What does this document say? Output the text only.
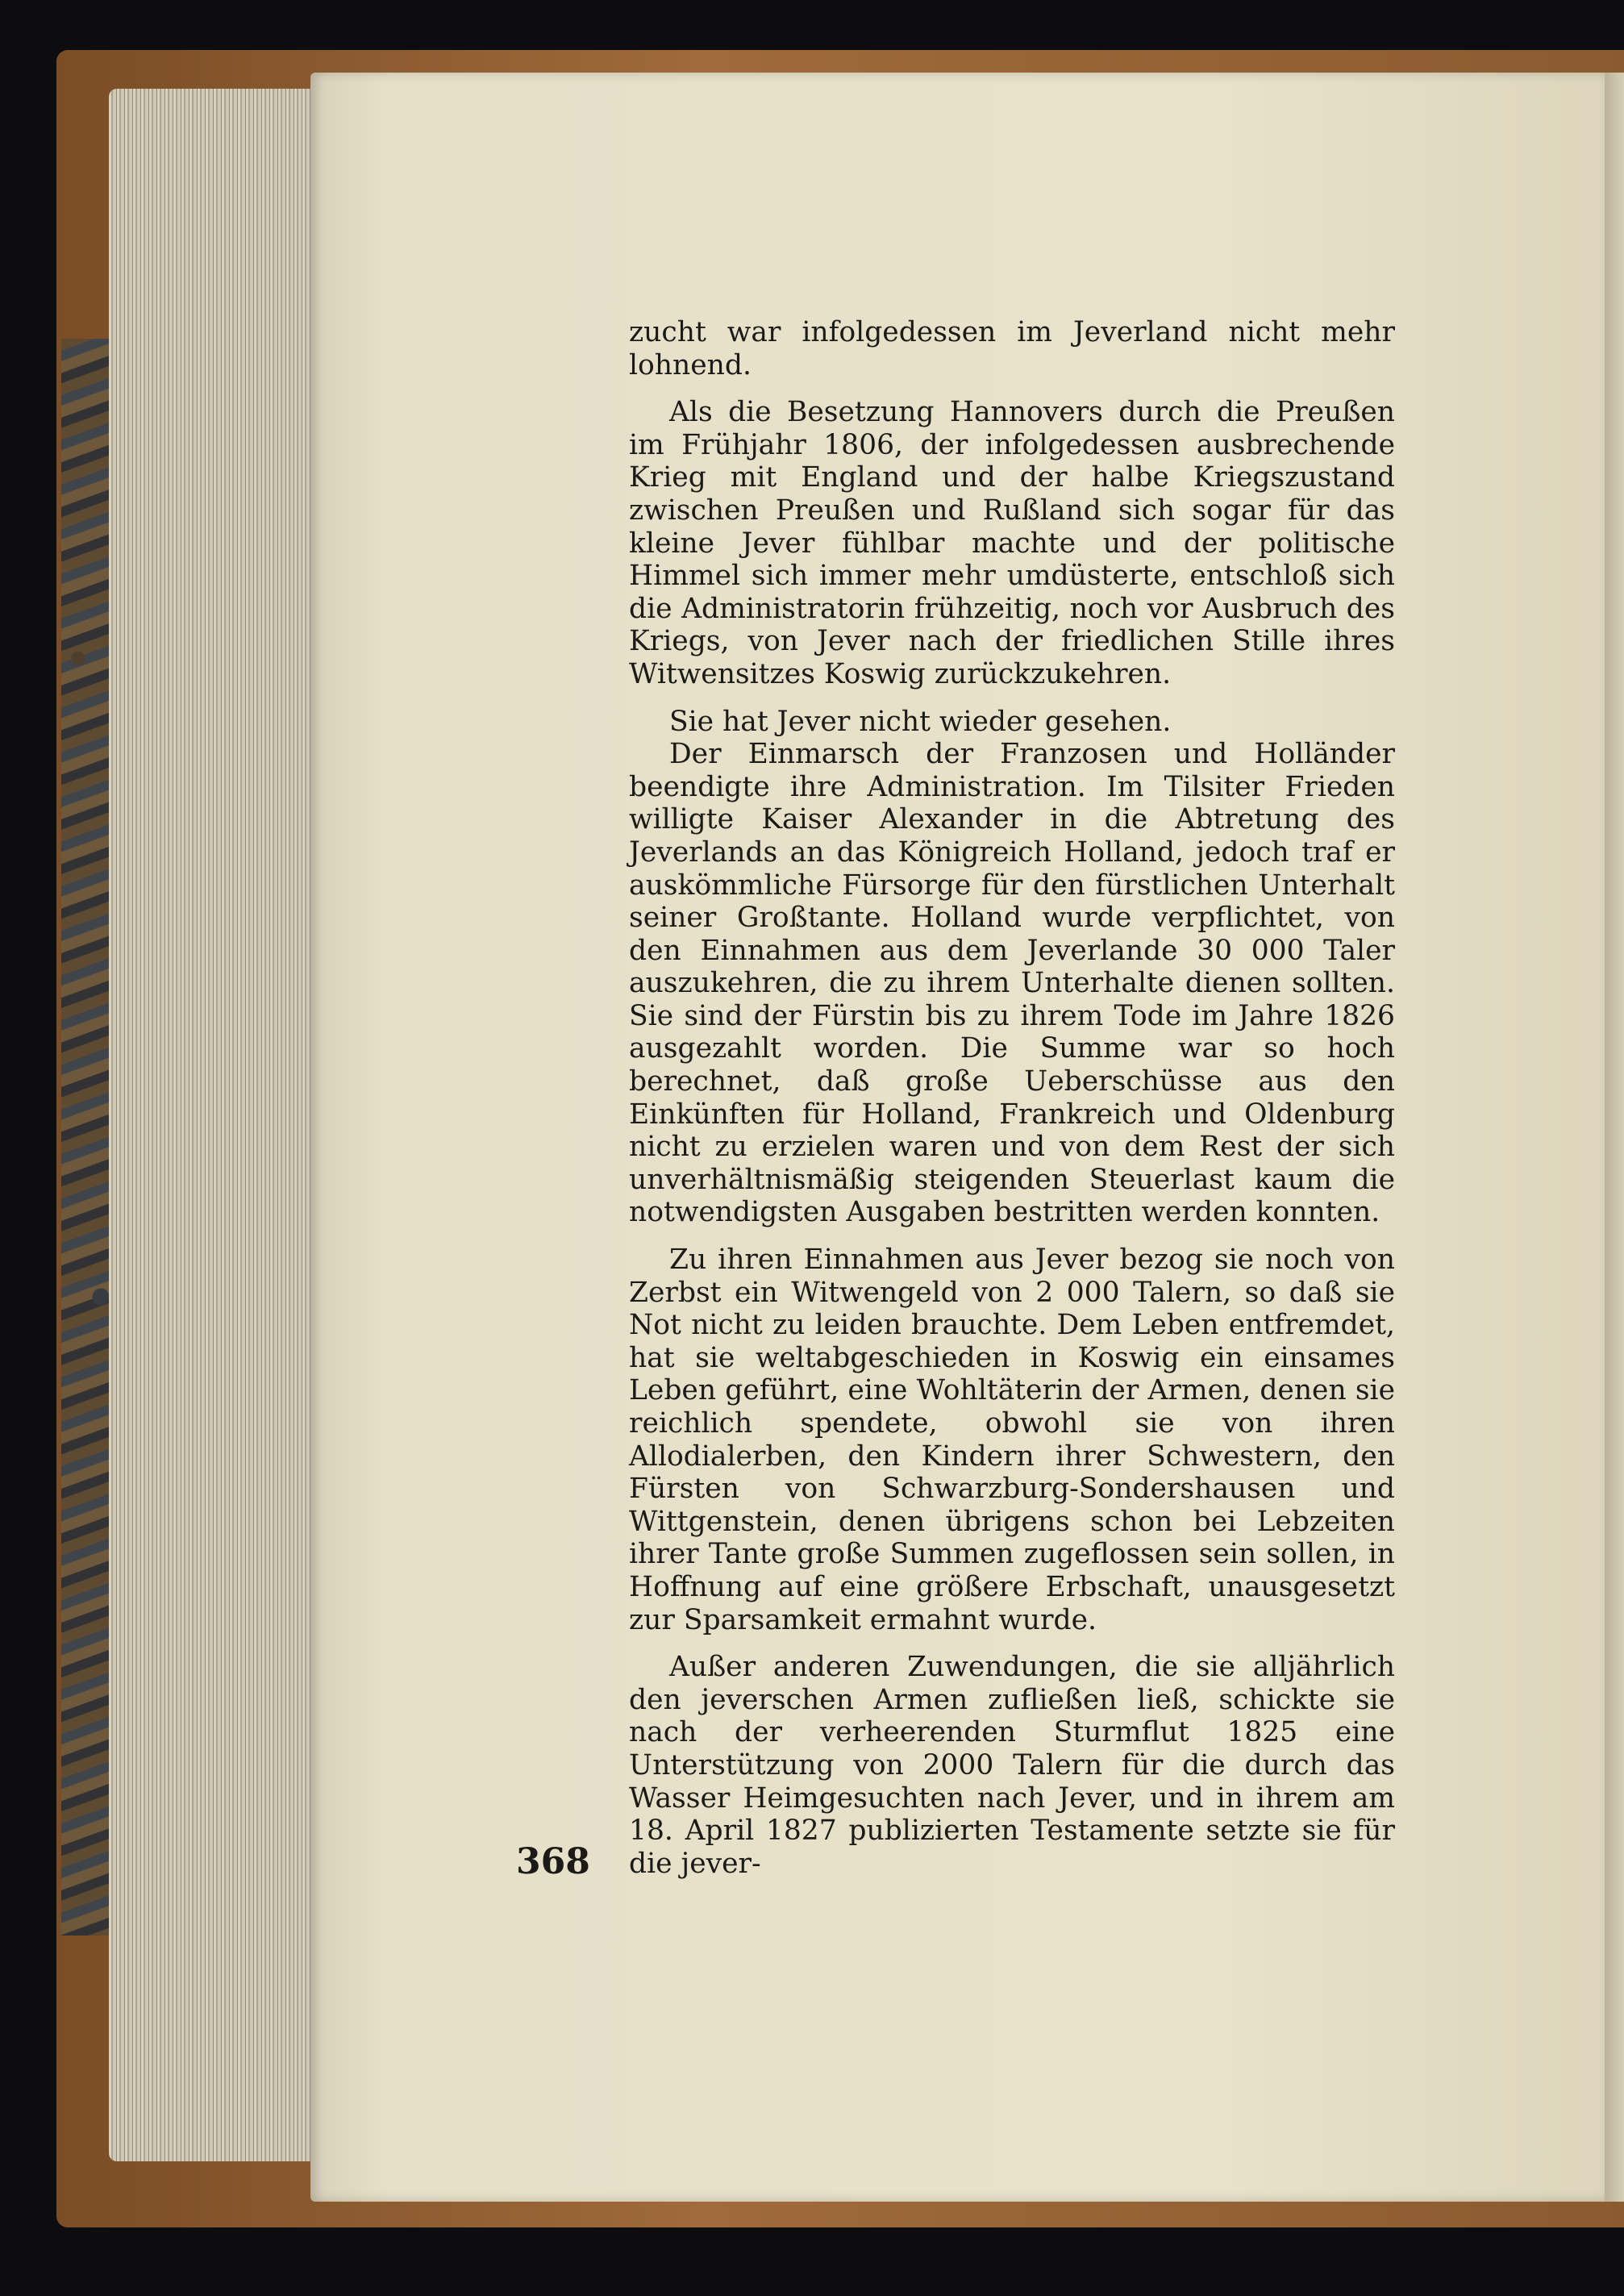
zucht war infolgedessen im Jeverland nicht mehr lohnend.

Als die Besetzung Hannovers durch die Preußen im Frühjahr 1806, der infolgedessen ausbrechende Krieg mit England und der halbe Kriegszustand zwischen Preußen und Rußland sich sogar für das kleine Jever fühlbar machte und der politische Himmel sich immer mehr umdüsterte, entschloß sich die Administratorin frühzeitig, noch vor Ausbruch des Kriegs, von Jever nach der friedlichen Stille ihres Witwensitzes Koswig zurückzukehren.

Sie hat Jever nicht wieder gesehen.

Der Einmarsch der Franzosen und Holländer beendigte ihre Administration. Im Tilsiter Frieden willigte Kaiser Alexander in die Abtretung des Jeverlands an das Königreich Holland, jedoch traf er auskömmliche Fürsorge für den fürstlichen Unterhalt seiner Großtante. Holland wurde verpflichtet, von den Einnahmen aus dem Jeverlande 30 000 Taler auszukehren, die zu ihrem Unterhalte dienen sollten. Sie sind der Fürstin bis zu ihrem Tode im Jahre 1826 ausgezahlt worden. Die Summe war so hoch berechnet, daß große Ueberschüsse aus den Einkünften für Holland, Frankreich und Oldenburg nicht zu erzielen waren und von dem Rest der sich unverhältnismäßig steigenden Steuerlast kaum die notwendigsten Ausgaben bestritten werden konnten.

Zu ihren Einnahmen aus Jever bezog sie noch von Zerbst ein Witwengeld von 2 000 Talern, so daß sie Not nicht zu leiden brauchte. Dem Leben entfremdet, hat sie weltabgeschieden in Koswig ein einsames Leben geführt, eine Wohltäterin der Armen, denen sie reichlich spendete, obwohl sie von ihren Allodialerben, den Kindern ihrer Schwestern, den Fürsten von Schwarzburg-Sondershausen und Wittgenstein, denen übrigens schon bei Lebzeiten ihrer Tante große Summen zugeflossen sein sollen, in Hoffnung auf eine größere Erbschaft, unausgesetzt zur Sparsamkeit ermahnt wurde.

Außer anderen Zuwendungen, die sie alljährlich den jeverschen Armen zufließen ließ, schickte sie nach der verheerenden Sturmflut 1825 eine Unterstützung von 2000 Talern für die durch das Wasser Heimgesuchten nach Jever, und in ihrem am 18. April 1827 publizierten Testamente setzte sie für die jever-

368
